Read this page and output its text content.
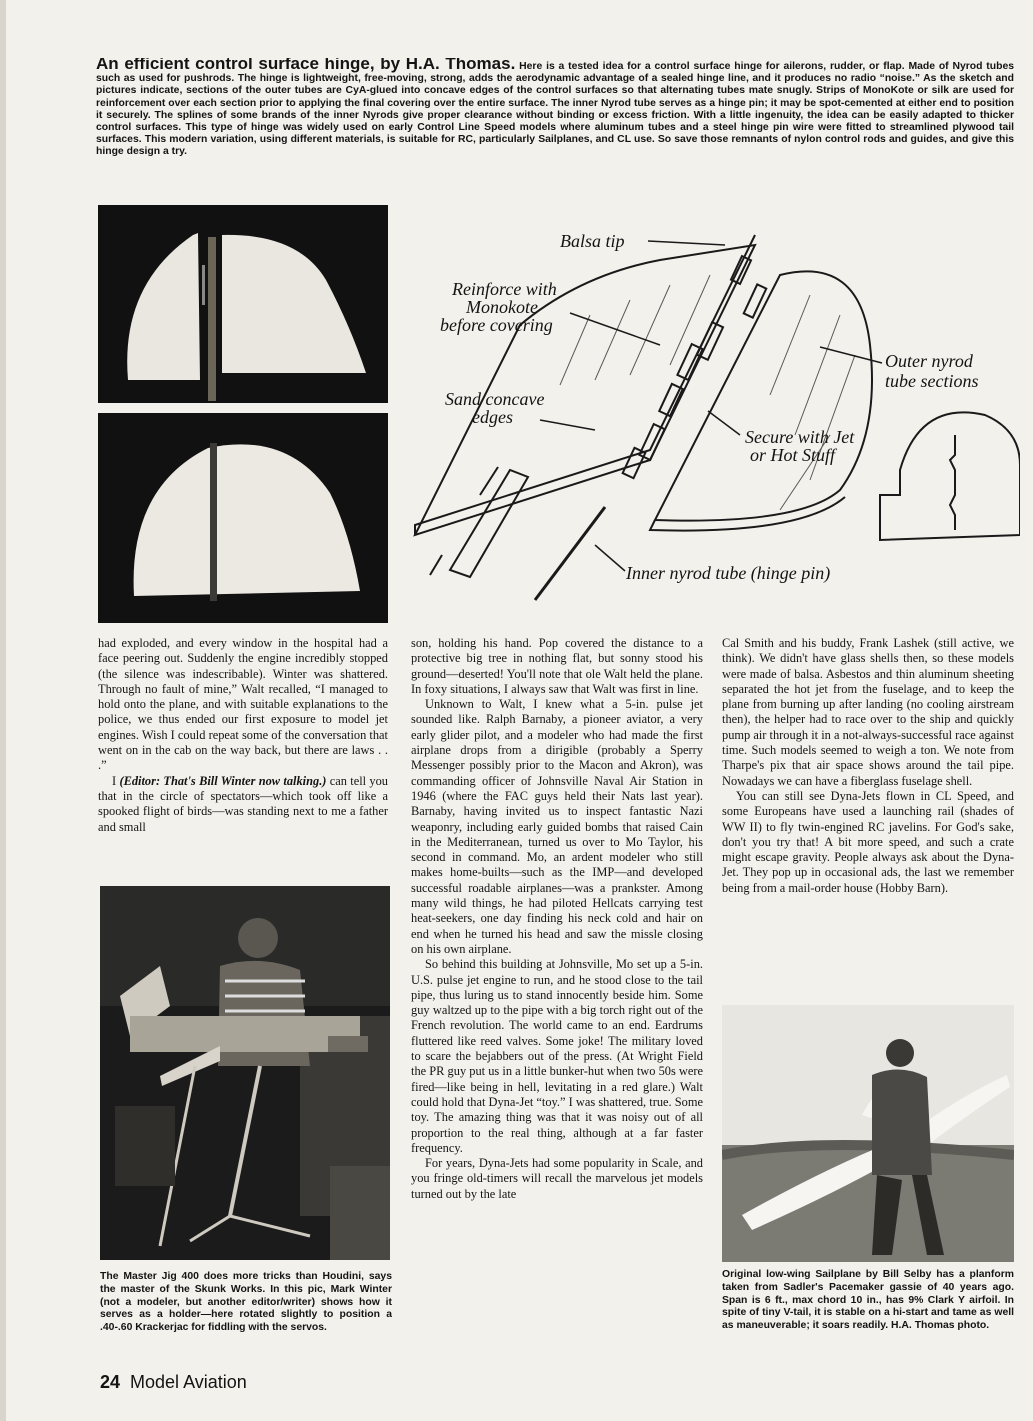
An efficient control surface hinge, by H.A. Thomas. Here is a tested idea for a control surface hinge for ailerons, rudder, or flap. Made of Nyrod tubes such as used for pushrods. The hinge is lightweight, free-moving, strong, adds the aerodynamic advantage of a sealed hinge line, and it produces no radio “noise.” As the sketch and pictures indicate, sections of the outer tubes are CyA-glued into concave edges of the control surfaces so that alternating tubes mate snugly. Strips of MonoKote or silk are used for reinforcement over each section prior to applying the final covering over the entire surface. The inner Nyrod tube serves as a hinge pin; it may be spot-cemented at either end to position it securely. The splines of some brands of the inner Nyrods give proper clearance without binding or excess friction. With a little ingenuity, the idea can be easily adapted to thicker control surfaces. This type of hinge was widely used on early Control Line Speed models where aluminum tubes and a steel hinge pin wire were fitted to streamlined plywood tail surfaces. This modern variation, using different materials, is suitable for RC, particularly Sailplanes, and CL use. So save those remnants of nylon control rods and guides, and give this hinge design a try.
Balsa tip
Reinforce with
Monokote
before covering
Sand concave
edges
Outer nyrod
tube sections
Secure with Jet
or Hot Stuff
Inner nyrod tube (hinge pin)

had exploded, and every window in the hospital had a face peering out. Suddenly the engine incredibly stopped (the silence was indescribable). Winter was shattered. Through no fault of mine,” Walt recalled, “I managed to hold onto the plane, and with suitable explanations to the police, we thus ended our first exposure to model jet engines. Wish I could repeat some of the conversation that went on in the cab on the way back, but there are laws . . .”

I (Editor: That's Bill Winter now talking.) can tell you that in the circle of spectators—which took off like a spooked flight of birds—was standing next to me a father and small

The Master Jig 400 does more tricks than Houdini, says the master of the Skunk Works. In this pic, Mark Winter (not a modeler, but another editor/writer) shows how it serves as a holder—here rotated slightly to position a .40-.60 Krackerjac for fiddling with the servos.

son, holding his hand. Pop covered the distance to a protective big tree in nothing flat, but sonny stood his ground—deserted! You'll note that ole Walt held the plane. In foxy situations, I always saw that Walt was first in line.

Unknown to Walt, I knew what a 5-in. pulse jet sounded like. Ralph Barnaby, a pioneer aviator, a very early glider pilot, and a modeler who had made the first airplane drops from a dirigible (probably a Sperry Messenger possibly prior to the Macon and Akron), was commanding officer of Johnsville Naval Air Station in 1946 (where the FAC guys held their Nats last year). Barnaby, having invited us to inspect fantastic Nazi weaponry, including early guided bombs that raised Cain in the Mediterranean, turned us over to Mo Taylor, his second in command. Mo, an ardent modeler who still makes home-builts—such as the IMP—and developed successful roadable airplanes—was a prankster. Among many wild things, he had piloted Hellcats carrying test heat-seekers, one day finding his neck cold and hair on end when he turned his head and saw the missle closing on his own airplane.

So behind this building at Johnsville, Mo set up a 5-in. U.S. pulse jet engine to run, and he stood close to the tail pipe, thus luring us to stand innocently beside him. Some guy waltzed up to the pipe with a big torch right out of the French revolution. The world came to an end. Eardrums fluttered like reed valves. Some joke! The military loved to scare the bejabbers out of the press. (At Wright Field the PR guy put us in a little bunker-hut when two 50s were fired—like being in hell, levitating in a red glare.) Walt could hold that Dyna-Jet “toy.” I was shattered, true. Some toy. The amazing thing was that it was noisy out of all proportion to the real thing, although at a far faster frequency.

For years, Dyna-Jets had some popularity in Scale, and you fringe old-timers will recall the marvelous jet models turned out by the late

Cal Smith and his buddy, Frank Lashek (still active, we think). We didn't have glass shells then, so these models were made of balsa. Asbestos and thin aluminum sheeting separated the hot jet from the fuselage, and to keep the plane from burning up after landing (no cooling airstream then), the helper had to race over to the ship and quickly pump air through it in a not-always-successful race against time. Such models seemed to weigh a ton. We note from Tharpe's pix that air space shows around the tail pipe. Nowadays we can have a fiberglass fuselage shell.

You can still see Dyna-Jets flown in CL Speed, and some Europeans have used a launching rail (shades of WW II) to fly twin-engined RC javelins. For God's sake, don't you try that! A bit more speed, and such a crate might escape gravity. People always ask about the Dyna-Jet. They pop up in occasional ads, the last we remember being from a mail-order house (Hobby Barn).

Original low-wing Sailplane by Bill Selby has a planform taken from Sadler's Pacemaker gassie of 40 years ago. Span is 6 ft., max chord 10 in., has 9% Clark Y airfoil. In spite of tiny V-tail, it is stable on a hi-start and tame as well as maneuverable; it soars readily. H.A. Thomas photo.
24 Model Aviation
